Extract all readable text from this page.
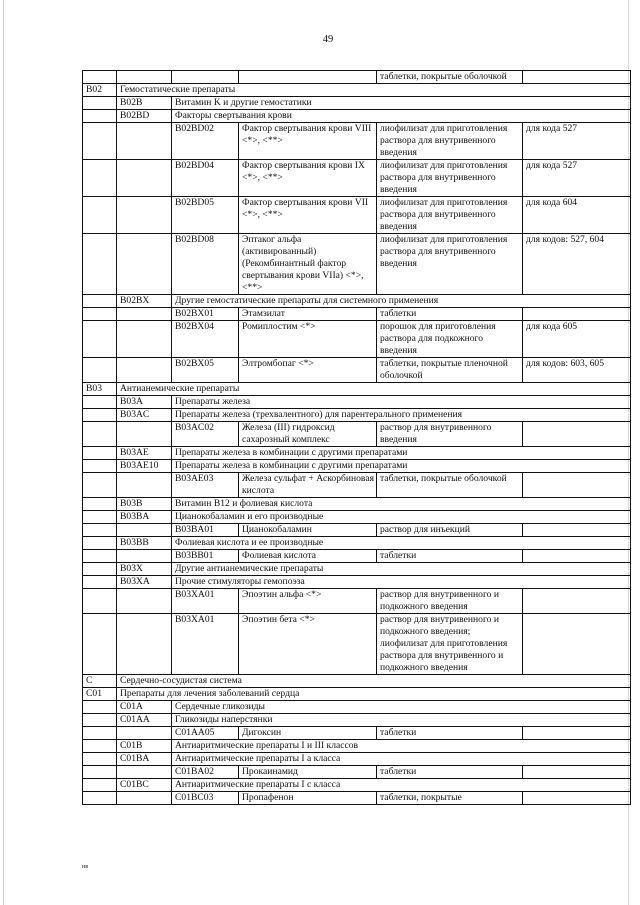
49
				таблетки, покрытые оболочкой	
B02	Гемостатические препараты				
	B02B	Витамин K и другие гемостатики			
	B02BD	Факторы свертывания крови			
		B02BD02	Фактор свертывания крови VIII <*>, <**>	лиофилизат для приготовления раствора для внутривенного введения	для кода 527
		B02BD04	Фактор свертывания крови IX <*>, <**>	лиофилизат для приготовления раствора для внутривенного введения	для кода 527
		B02BD05	Фактор свертывания крови VII <*>, <**>	лиофилизат для приготовления раствора для внутривенного введения	для кода 604
		B02BD08	Эптаког альфа (активированный) (Рекомбинантный фактор свертывания крови VIIa) <*>, <**>	лиофилизат для приготовления раствора для внутривенного введения	для кодов: 527, 604
	B02BX	Другие гемостатические препараты для системного применения			
		B02BX01	Этамзилат	таблетки	
		B02BX04	Ромиплостим <*>	порошок для приготовления раствора для подкожного введения	для кода 605
		B02BX05	Элтромбопаг <*>	таблетки, покрытые пленочной оболочкой	для кодов: 603, 605
B03	Антианемические препараты				
	B03A	Препараты железа			
	B03AC	Препараты железа (трехвалентного) для парентерального применения			
		B03AC02	Железа (III) гидроксид сахарозный комплекс	раствор для внутривенного введения	
	B03AE	Препараты железа в комбинации с другими препаратами			
	B03AE10	Препараты железа в комбинации с другими препаратами			
		B03AE03	Железа сульфат + Аскорбиновая кислота	таблетки, покрытые оболочкой	
	B03B	Витамин B12 и фолиевая кислота			
	B03BA	Цианокобаламин и его производные			
		B03BA01	Цианокобаламин	раствор для инъекций	
	B03BB	Фолиевая кислота и ее производные			
		B03BB01	Фолиевая кислота	таблетки	
	B03X	Другие антианемические препараты			
	B03XA	Прочие стимуляторы гемопоэза			
		B03XA01	Эпоэтин альфа <*>	раствор для внутривенного и подкожного введения	
		B03XA01	Эпоэтин бета <*>	раствор для внутривенного и подкожного введения; лиофилизат для приготовления раствора для внутривенного и подкожного введения	
C	Сердечно-сосудистая система				
C01	Препараты для лечения заболеваний сердца				
	C01A	Сердечные гликозиды			
	C01AA	Гликозиды наперстянки			
		C01AA05	Дигоксин	таблетки	
	C01B	Антиаритмические препараты I и III классов			
	C01BA	Антиаритмические препараты I а класса			
		C01BA02	Прокаинамид	таблетки	
	C01BC	Антиаритмические препараты I с класса			
		C01BC03	Пропафенон	таблетки, покрытые	
нв
